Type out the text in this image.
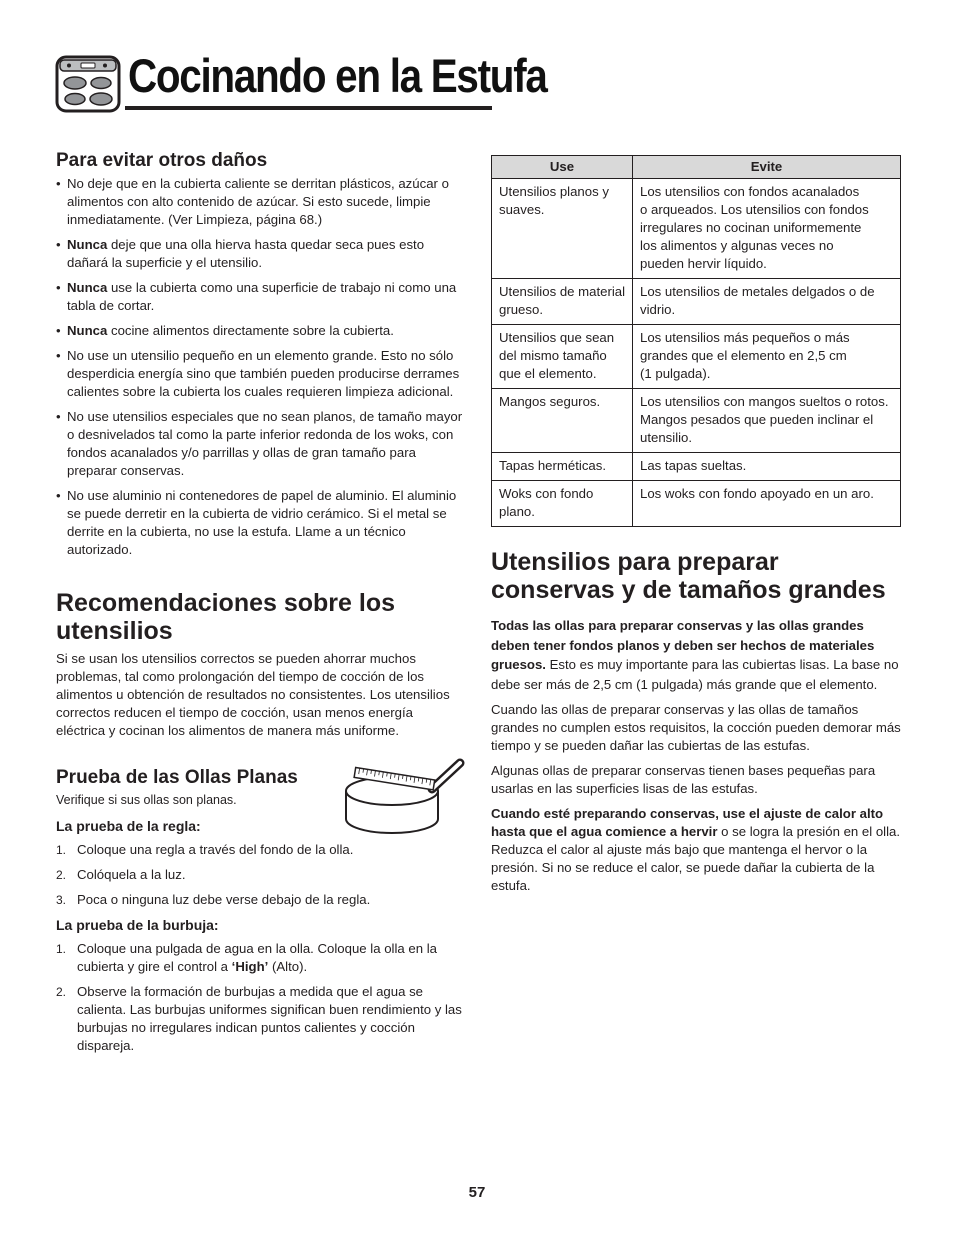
Cocinando en la Estufa
Para evitar otros daños
• No deje que en la cubierta caliente se derritan plásticos, azúcar o alimentos con alto contenido de azúcar. Si esto sucede, limpie inmediatamente. (Ver Limpieza, página 68.)
• Nunca deje que una olla hierva hasta quedar seca pues esto dañará la superficie y el utensilio.
• Nunca use la cubierta como una superficie de trabajo ni como una tabla de cortar.
• Nunca cocine alimentos directamente sobre la cubierta.
• No use un utensilio pequeño en un elemento grande. Esto no sólo desperdicia energía sino que también pueden producirse derrames calientes sobre la cubierta los cuales requieren limpieza adicional.
• No use utensilios especiales que no sean planos, de tamaño mayor o desnivelados tal como la parte inferior redonda de los woks, con fondos acanalados y/o parrillas y ollas de gran tamaño para preparar conservas.
• No use aluminio ni contenedores de papel de aluminio. El aluminio se puede derretir en la cubierta de vidrio cerámico. Si el metal se derrite en la cubierta, no use la estufa. Llame a un técnico autorizado.
Recomendaciones sobre los utensilios

Si se usan los utensilios correctos se pueden ahorrar muchos problemas, tal como prolongación del tiempo de cocción de los alimentos u obtención de resultados no consistentes. Los utensilios correctos reducen el tiempo de cocción, usan menos energía eléctrica y cocinan los alimentos de manera más uniforme.

Prueba de las Ollas Planas

Verifique si sus ollas son planas.

La prueba de la regla:
1. Coloque una regla a través del fondo de la olla.
2. Colóquela a la luz.
3. Poca o ninguna luz debe verse debajo de la regla.
La prueba de la burbuja:
1. Coloque una pulgada de agua en la olla. Coloque la olla en la cubierta y gire el control a ‘High’ (Alto).
2. Observe la formación de burbujas a medida que el agua se calienta. Las burbujas uniformes significan buen rendimiento y las burbujas no irregulares indican puntos calientes y cocción dispareja.
Use	Evite
Utensilios planos y suaves.	Los utensilios con fondos acanalados
o arqueados. Los utensilios con fondos
irregulares no cocinan uniformemente
los alimentos y algunas veces no
pueden hervir líquido.
Utensilios de material grueso.	Los utensilios de metales delgados o de vidrio.
Utensilios que sean del mismo tamaño que el elemento.	Los utensilios más pequeños o más grandes que el elemento en 2,5 cm
(1 pulgada).
Mangos seguros.	Los utensilios con mangos sueltos o rotos. Mangos pesados que pueden inclinar el utensilio.
Tapas herméticas.	Las tapas sueltas.
Woks con fondo plano.	Los woks con fondo apoyado en un aro.
Utensilios para preparar conservas y de tamaños grandes

Todas las ollas para preparar conservas y las ollas grandes deben tener fondos planos y deben ser hechos de materiales gruesos. Esto es muy importante para las cubiertas lisas. La base no debe ser más de 2,5 cm (1 pulgada) más grande que el elemento.

Cuando las ollas de preparar conservas y las ollas de tamaños grandes no cumplen estos requisitos, la cocción pueden demorar más tiempo y se pueden dañar las cubiertas de las estufas.

Algunas ollas de preparar conservas tienen bases pequeñas para usarlas en las superficies lisas de las estufas.

Cuando esté preparando conservas, use el ajuste de calor alto hasta que el agua comience a hervir o se logra la presión en el olla. Reduzca el calor al ajuste más bajo que mantenga el hervor o la presión. Si no se reduce el calor, se puede dañar la cubierta de la estufa.

57
